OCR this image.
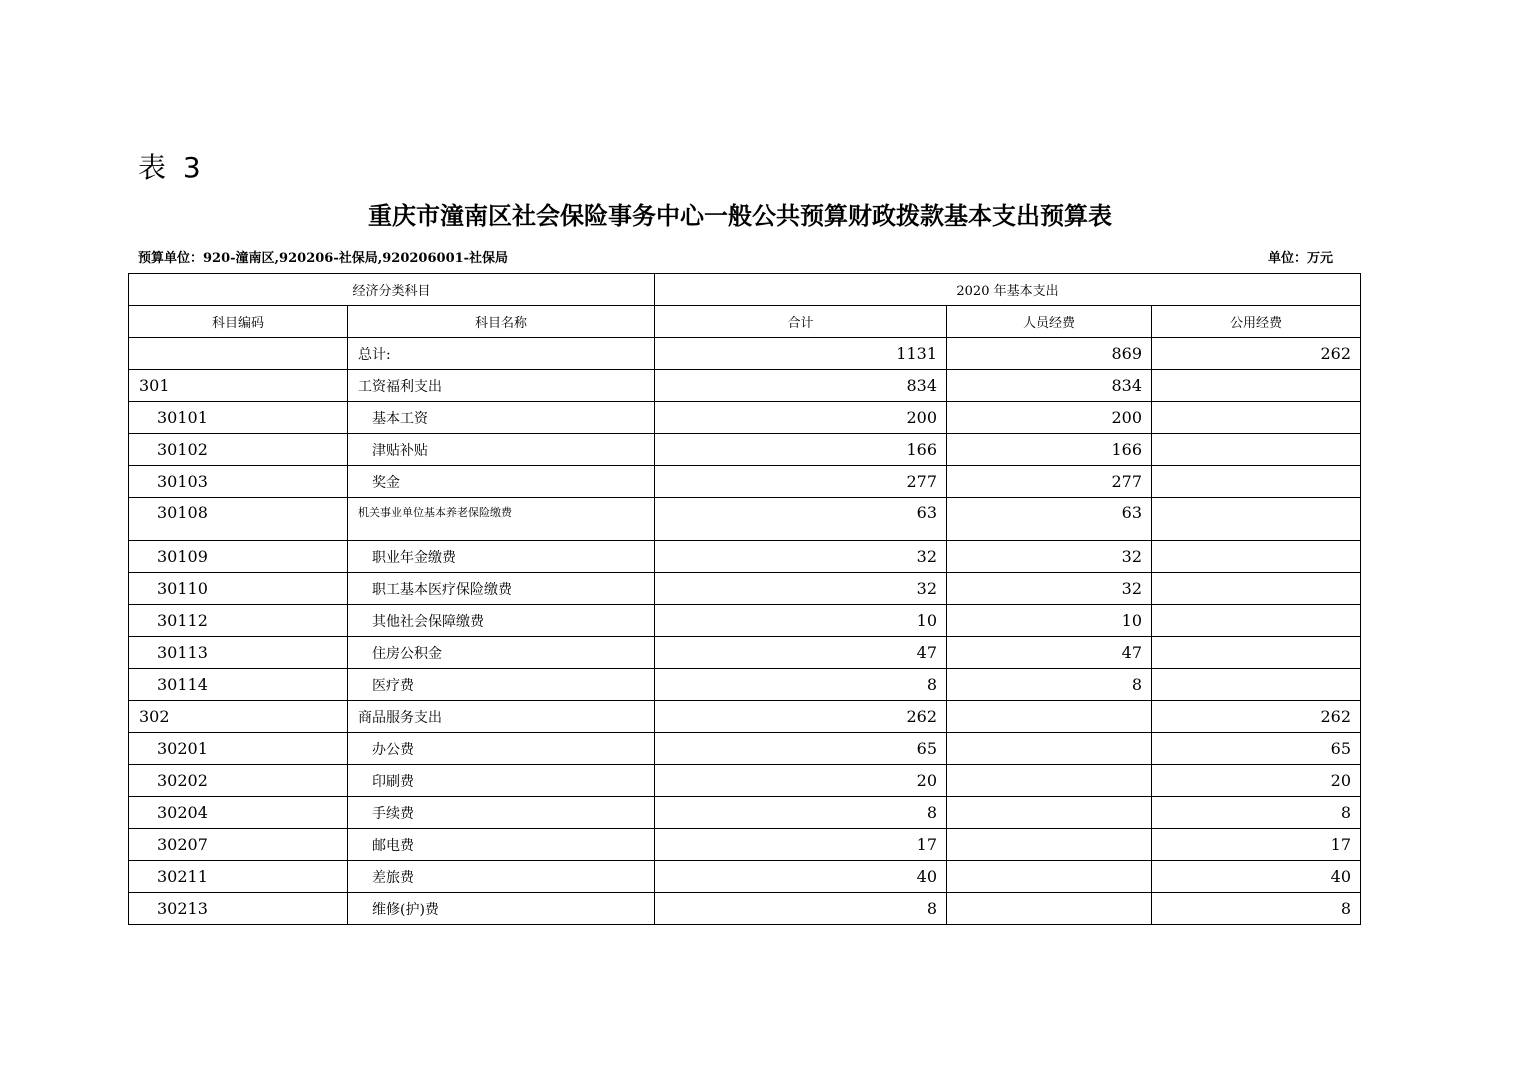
表 3
重庆市潼南区社会保险事务中心一般公共预算财政拨款基本支出预算表
预算单位：920-潼南区,920206-社保局,920206001-社保局	单位：万元
经济分类科目		2020 年基本支出		
科目编码	科目名称	合计	人员经费	公用经费
	总计:	1131	869	262
301	工资福利支出	834	834	
30101	基本工资	200	200	
30102	津贴补贴	166	166	
30103	奖金	277	277	
30108	机关事业单位基本养老保险缴费	63	63	
30109	职业年金缴费	32	32	
30110	职工基本医疗保险缴费	32	32	
30112	其他社会保障缴费	10	10	
30113	住房公积金	47	47	
30114	医疗费	8	8	
302	商品服务支出	262		262
30201	办公费	65		65
30202	印刷费	20		20
30204	手续费	8		8
30207	邮电费	17		17
30211	差旅费	40		40
30213	维修(护)费	8		8
